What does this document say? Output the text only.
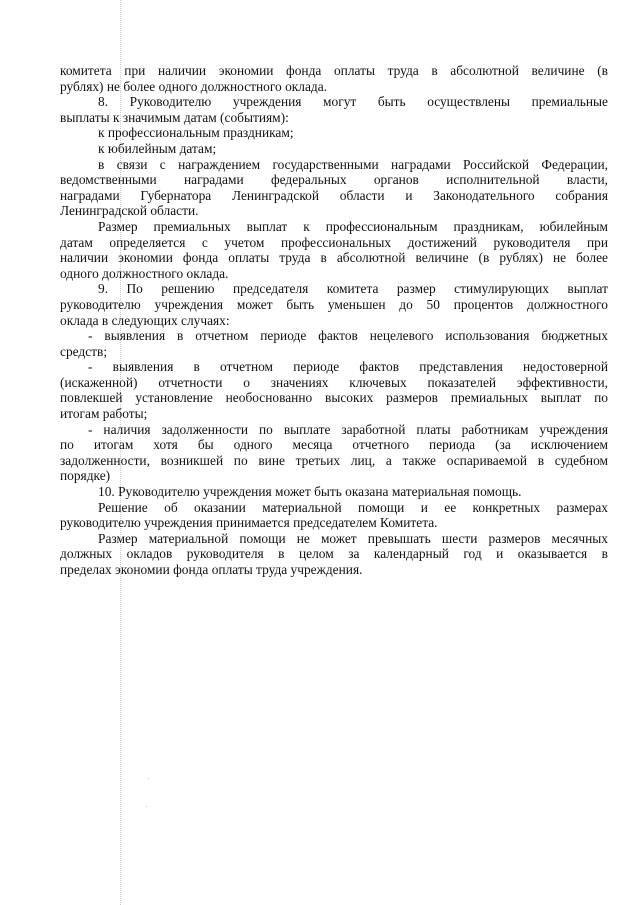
комитета при наличии экономии фонда оплаты труда в абсолютной величине (в
рублях) не более одного должностного оклада.
8. Руководителю учреждения могут быть осуществлены премиальные
выплаты к значимым датам (событиям):
к профессиональным праздникам;
к юбилейным датам;
в связи с награждением государственными наградами Российской Федерации,
ведомственными наградами федеральных органов исполнительной власти,
наградами Губернатора Ленинградской области и Законодательного собрания
Ленинградской области.
Размер премиальных выплат к профессиональным праздникам, юбилейным
датам определяется с учетом профессиональных достижений руководителя при
наличии экономии фонда оплаты труда в абсолютной величине (в рублях) не более
одного должностного оклада.
9. По решению председателя комитета размер стимулирующих выплат
руководителю учреждения может быть уменьшен до 50 процентов должностного
оклада в следующих случаях:
- выявления в отчетном периоде фактов нецелевого использования бюджетных
средств;
- выявления в отчетном периоде фактов представления недостоверной
(искаженной) отчетности о значениях ключевых показателей эффективности,
повлекшей установление необоснованно высоких размеров премиальных выплат по
итогам работы;
- наличия задолженности по выплате заработной платы работникам учреждения
по итогам хотя бы одного месяца отчетного периода (за исключением
задолженности, возникшей по вине третьих лиц, а также оспариваемой в судебном
порядке)
10. Руководителю учреждения может быть оказана материальная помощь.
Решение об оказании материальной помощи и ее конкретных размерах
руководителю учреждения принимается председателем Комитета.
Размер материальной помощи не может превышать шести размеров месячных
должных окладов руководителя в целом за календарный год и оказывается в
пределах экономии фонда оплаты труда учреждения.
